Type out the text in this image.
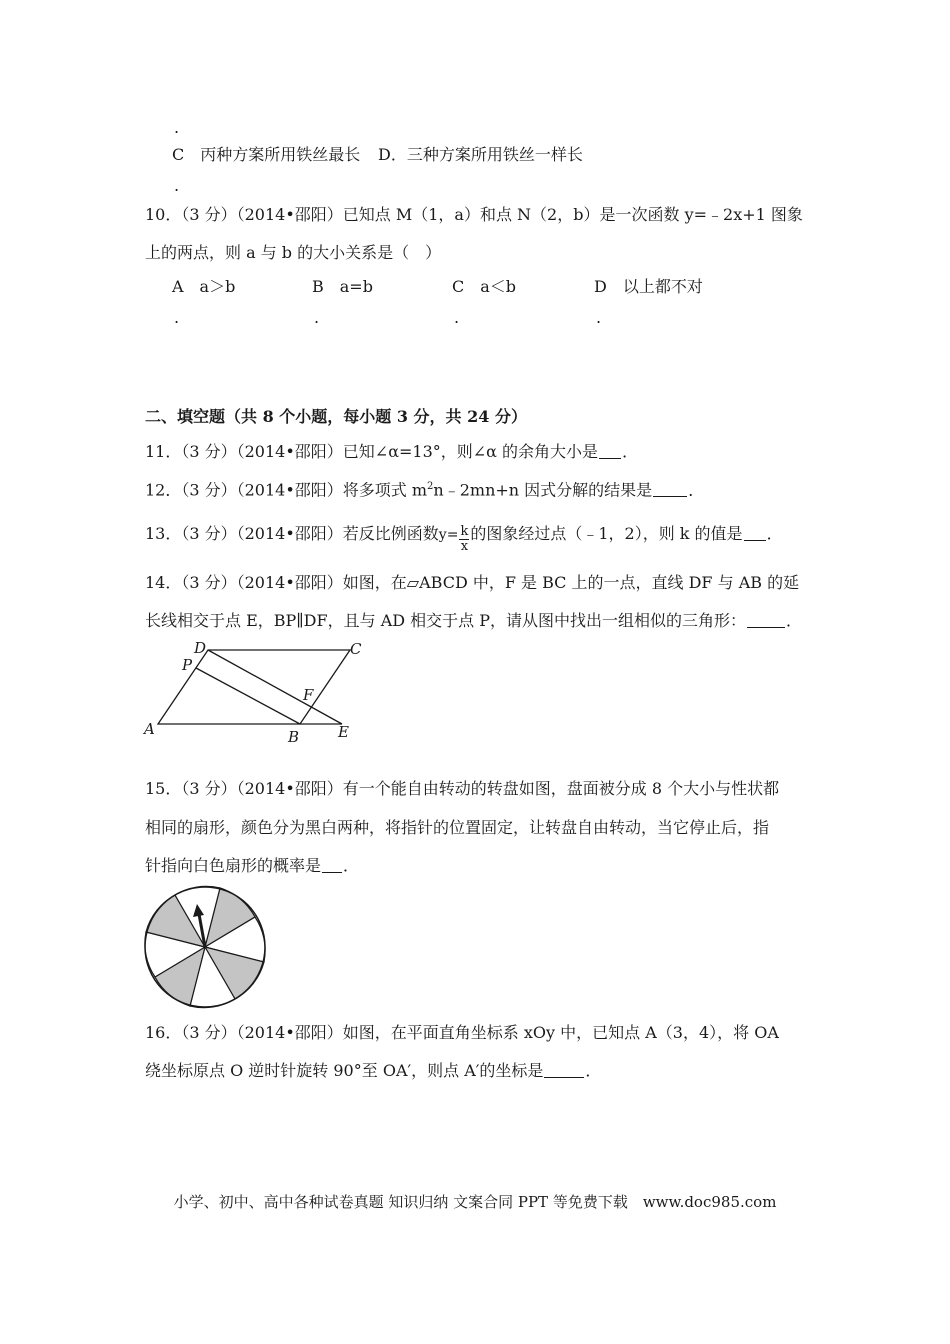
.
C　丙种方案所用铁丝最长 D．三种方案所用铁丝一样长
.
10．（3 分）（2014•邵阳）已知点 M（1，a）和点 N（2，b）是一次函数 y=﹣2x+1 图象
上的两点，则 a 与 b 的大小关系是（　）
A　a＞b	B　a=b	C　a＜b	D　以上都不对
.	.	.	.
二、填空题（共 8 个小题，每小题 3 分，共 24 分）
11．（3 分）（2014•邵阳）已知∠α=13°，则∠α 的余角大小是 ．
12．（3 分）（2014•邵阳）将多项式 $m^2n﹣2mn+n$ 因式分解的结果是 ．
13．（3 分）（2014•邵阳）若反比例函数$y= \frac{k}{x}$ 的图象经过点（﹣1，2），则 k 的值是 ．
14．（3 分）（2014•邵阳）如图，在▱ABCD 中，F 是 BC 上的一点，直线 DF 与 AB 的延
长线相交于点 E，BP∥DF，且与 AD 相交于点 P，请从图中找出一组相似的三角形：	．
A	B
C
D
E
F
P
15．（3 分）（2014•邵阳）有一个能自由转动的转盘如图，盘面被分成 8 个大小与性状都
相同的扇形，颜色分为黑白两种，将指针的位置固定，让转盘自由转动，当它停止后，指
针指向白色扇形的概率是 ．
16．（3 分）（2014•邵阳）如图，在平面直角坐标系 xOy 中，已知点 A（3，4），将 OA
绕坐标原点 O 逆时针旋转 90°至 OA′，则点 A′的坐标是	．
小学、初中、高中各种试卷真题 知识归纳 文案合同 PPT 等免费下载　www.doc985.com
